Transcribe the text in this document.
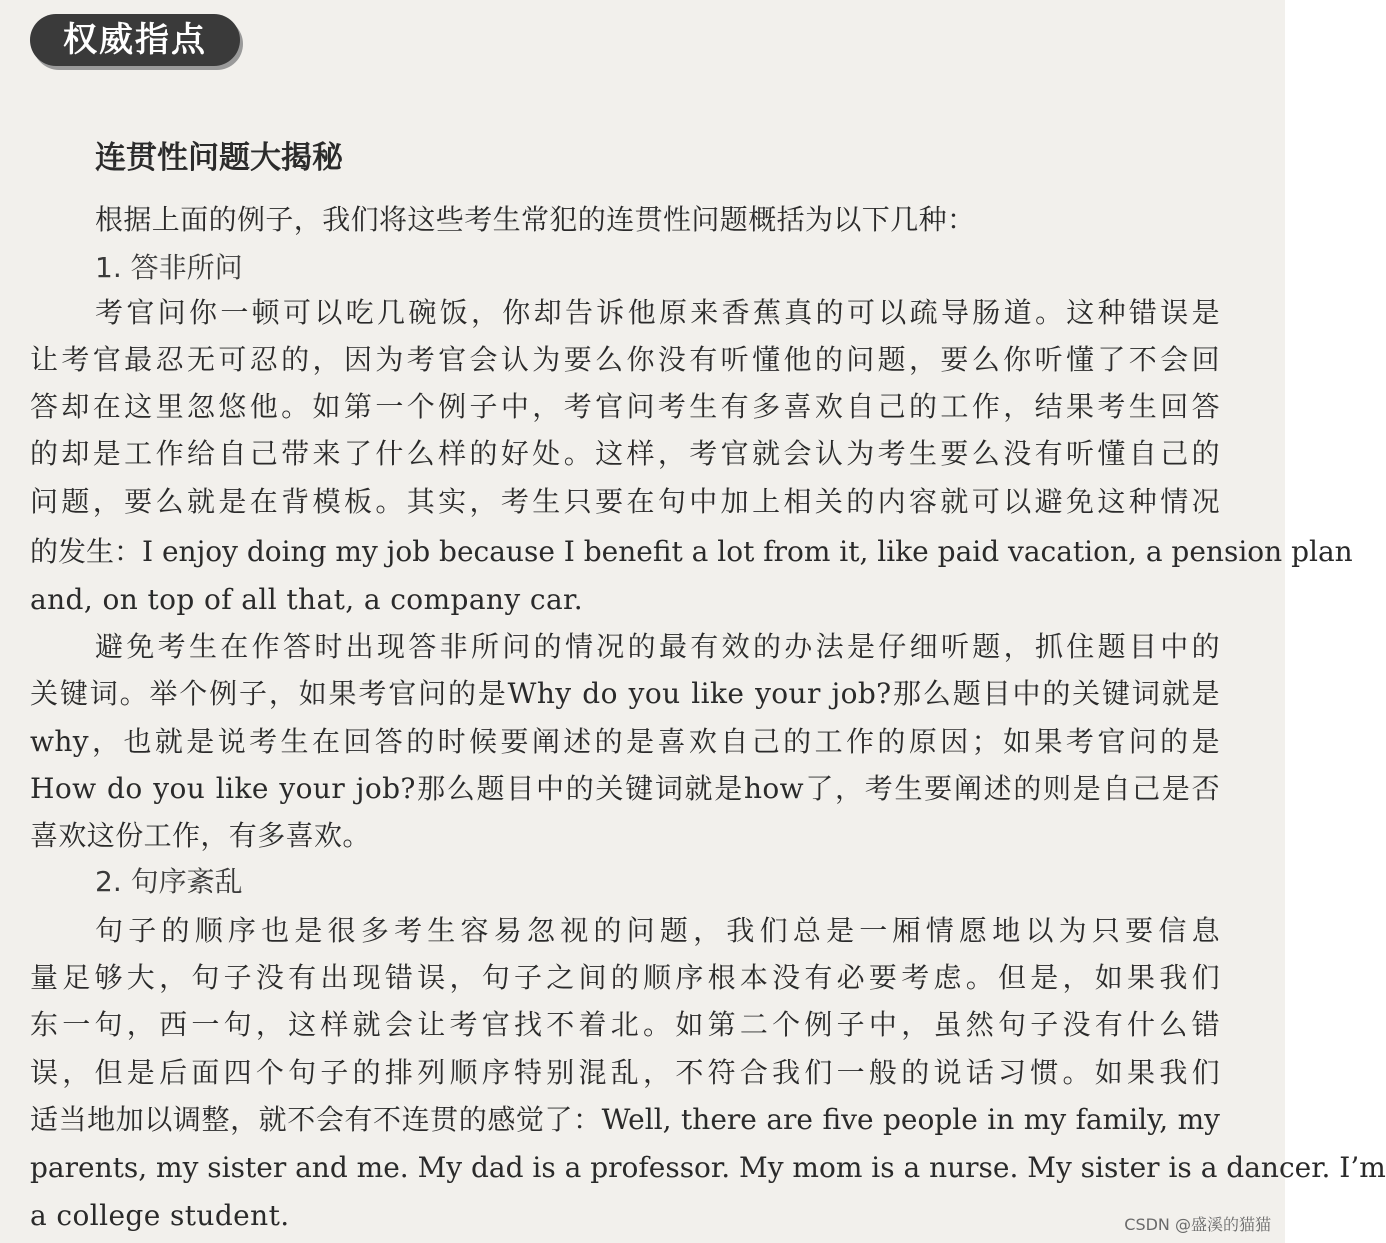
权威指点
连贯性问题大揭秘
根据上面的例子，我们将这些考生常犯的连贯性问题概括为以下几种：
1. 答非所问
考官问你一顿可以吃几碗饭，你却告诉他原来香蕉真的可以疏导肠道。这种错误是
让考官最忍无可忍的，因为考官会认为要么你没有听懂他的问题，要么你听懂了不会回
答却在这里忽悠他。如第一个例子中，考官问考生有多喜欢自己的工作，结果考生回答
的却是工作给自己带来了什么样的好处。这样，考官就会认为考生要么没有听懂自己的
问题，要么就是在背模板。其实，考生只要在句中加上相关的内容就可以避免这种情况
的发生：I enjoy doing my job because I benefit a lot from it, like paid vacation, a pension plan
and, on top of all that, a company car.
避免考生在作答时出现答非所问的情况的最有效的办法是仔细听题，抓住题目中的
关键词。举个例子，如果考官问的是Why do you like your job?那么题目中的关键词就是
why，也就是说考生在回答的时候要阐述的是喜欢自己的工作的原因；如果考官问的是
How do you like your job?那么题目中的关键词就是how了，考生要阐述的则是自己是否
喜欢这份工作，有多喜欢。
2. 句序紊乱
句子的顺序也是很多考生容易忽视的问题，我们总是一厢情愿地以为只要信息
量足够大，句子没有出现错误，句子之间的顺序根本没有必要考虑。但是，如果我们
东一句，西一句，这样就会让考官找不着北。如第二个例子中，虽然句子没有什么错
误，但是后面四个句子的排列顺序特别混乱，不符合我们一般的说话习惯。如果我们
适当地加以调整，就不会有不连贯的感觉了：Well, there are five people in my family, my
parents, my sister and me. My dad is a professor. My mom is a nurse. My sister is a dancer. I’m
a college student.	CSDN @盛溪的猫猫
